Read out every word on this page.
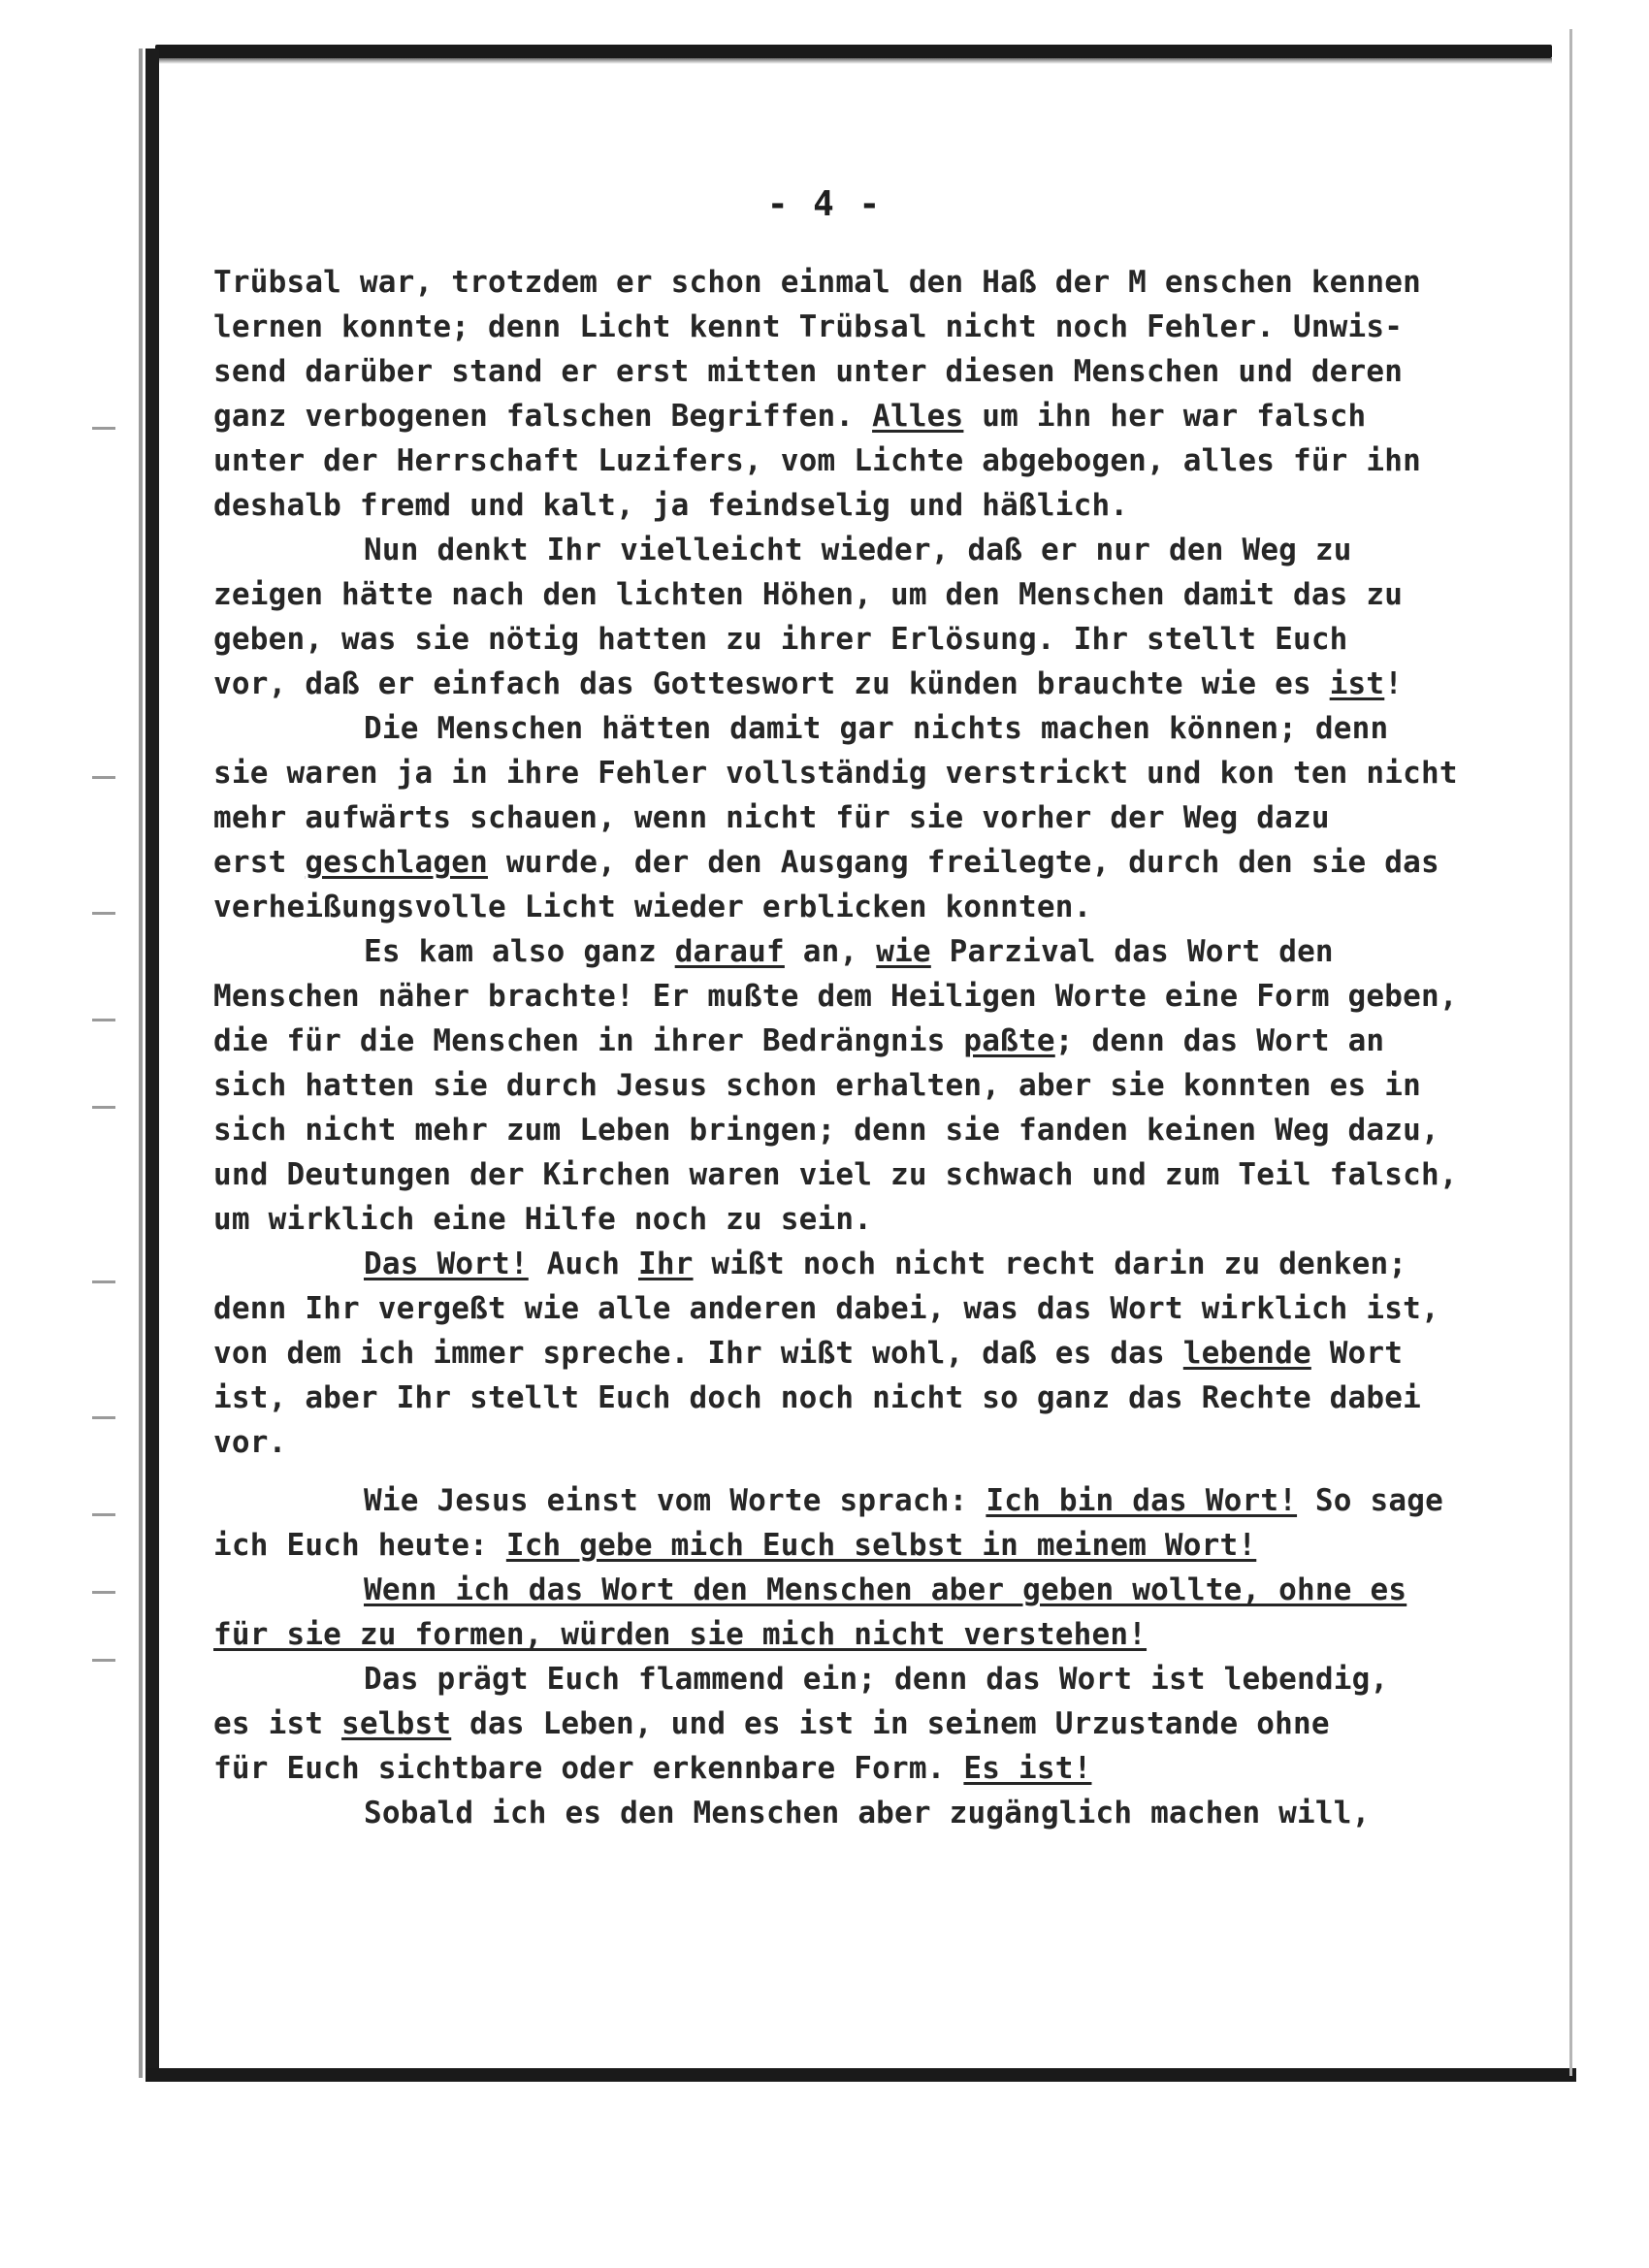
- 4 -
Trübsal war, trotzdem er schon einmal den Haß der M enschen kennen
lernen konnte; denn Licht kennt Trübsal nicht noch Fehler. Unwis-
send darüber stand er erst mitten unter diesen Menschen und deren
ganz verbogenen falschen Begriffen. Alles um ihn her war falsch
unter der Herrschaft Luzifers, vom Lichte abgebogen, alles für ihn
deshalb fremd und kalt, ja feindselig und häßlich.
Nun denkt Ihr vielleicht wieder, daß er nur den Weg zu
zeigen hätte nach den lichten Höhen, um den Menschen damit das zu
geben, was sie nötig hatten zu ihrer Erlösung. Ihr stellt Euch
vor, daß er einfach das Gotteswort zu künden brauchte wie es ist!
Die Menschen hätten damit gar nichts machen können; denn
sie waren ja in ihre Fehler vollständig verstrickt und kon ten nicht
mehr aufwärts schauen, wenn nicht für sie vorher der Weg dazu
erst geschlagen wurde, der den Ausgang freilegte, durch den sie das
verheißungsvolle Licht wieder erblicken konnten.
Es kam also ganz darauf an, wie Parzival das Wort den
Menschen näher brachte! Er mußte dem Heiligen Worte eine Form geben,
die für die Menschen in ihrer Bedrängnis paßte; denn das Wort an
sich hatten sie durch Jesus schon erhalten, aber sie konnten es in
sich nicht mehr zum Leben bringen; denn sie fanden keinen Weg dazu,
und Deutungen der Kirchen waren viel zu schwach und zum Teil falsch,
um wirklich eine Hilfe noch zu sein.
Das Wort! Auch Ihr wißt noch nicht recht darin zu denken;
denn Ihr vergeßt wie alle anderen dabei, was das Wort wirklich ist,
von dem ich immer spreche. Ihr wißt wohl, daß es das lebende Wort
ist, aber Ihr stellt Euch doch noch nicht so ganz das Rechte dabei
vor.
Wie Jesus einst vom Worte sprach: Ich bin das Wort! So sage
ich Euch heute: Ich gebe mich Euch selbst in meinem Wort!
Wenn ich das Wort den Menschen aber geben wollte, ohne es
für sie zu formen, würden sie mich nicht verstehen!
Das prägt Euch flammend ein; denn das Wort ist lebendig,
es ist selbst das Leben, und es ist in seinem Urzustande ohne
für Euch sichtbare oder erkennbare Form. Es ist!
Sobald ich es den Menschen aber zugänglich machen will,
